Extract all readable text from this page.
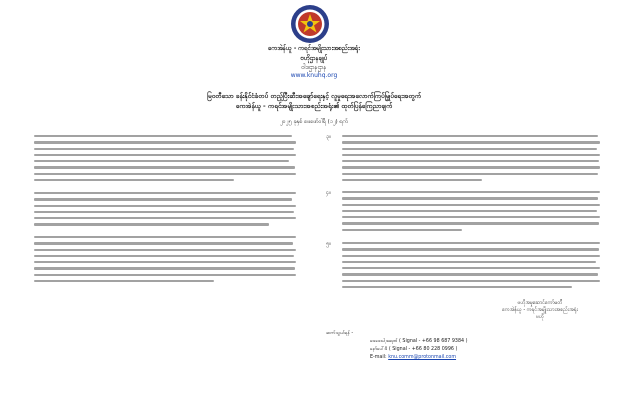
ကေအဲန်ယူ - ကရင်အမျိုးသားအစည်းအရုံး
ဗဟိုဌာနချုပ်
ဝါဒဌာနဌာန
www.knuhq.org
မြဝတီသော ခန်းနိုင်ငံခံတပ် တည့်ပြီးဆီးအချော်ရေးနှင့် လူမှုရေးအလောက်ကြပ်မြှုပ်ရေးအတွက်
ကေအဲန်ယူ - ကရင်အမျိုးသားအစည်းအရုံး၏ ထုတ်ပြန်ကြေညာချက်
၂၀၂၅ ခုနှစ် ဖေဖော်ဝါရီ (၁၂) ရက်
၃။
၄။
၅။
ဗဟိုအမှုဆောင်ကော်မတီ
ကေအဲန်ယူ - ကရင်အမျိုးသားအစည်းအရုံး
ဗဟို
ဆက်သွယ်ရန် -
ဖေဖေးပါ့အရဏ် ( Signal - +66 98 687 9384 )
နော်ပေါ်ဖီ ( Signal - +66 80 228 0996 )
E-mail: knu.comm@protonmail.com
